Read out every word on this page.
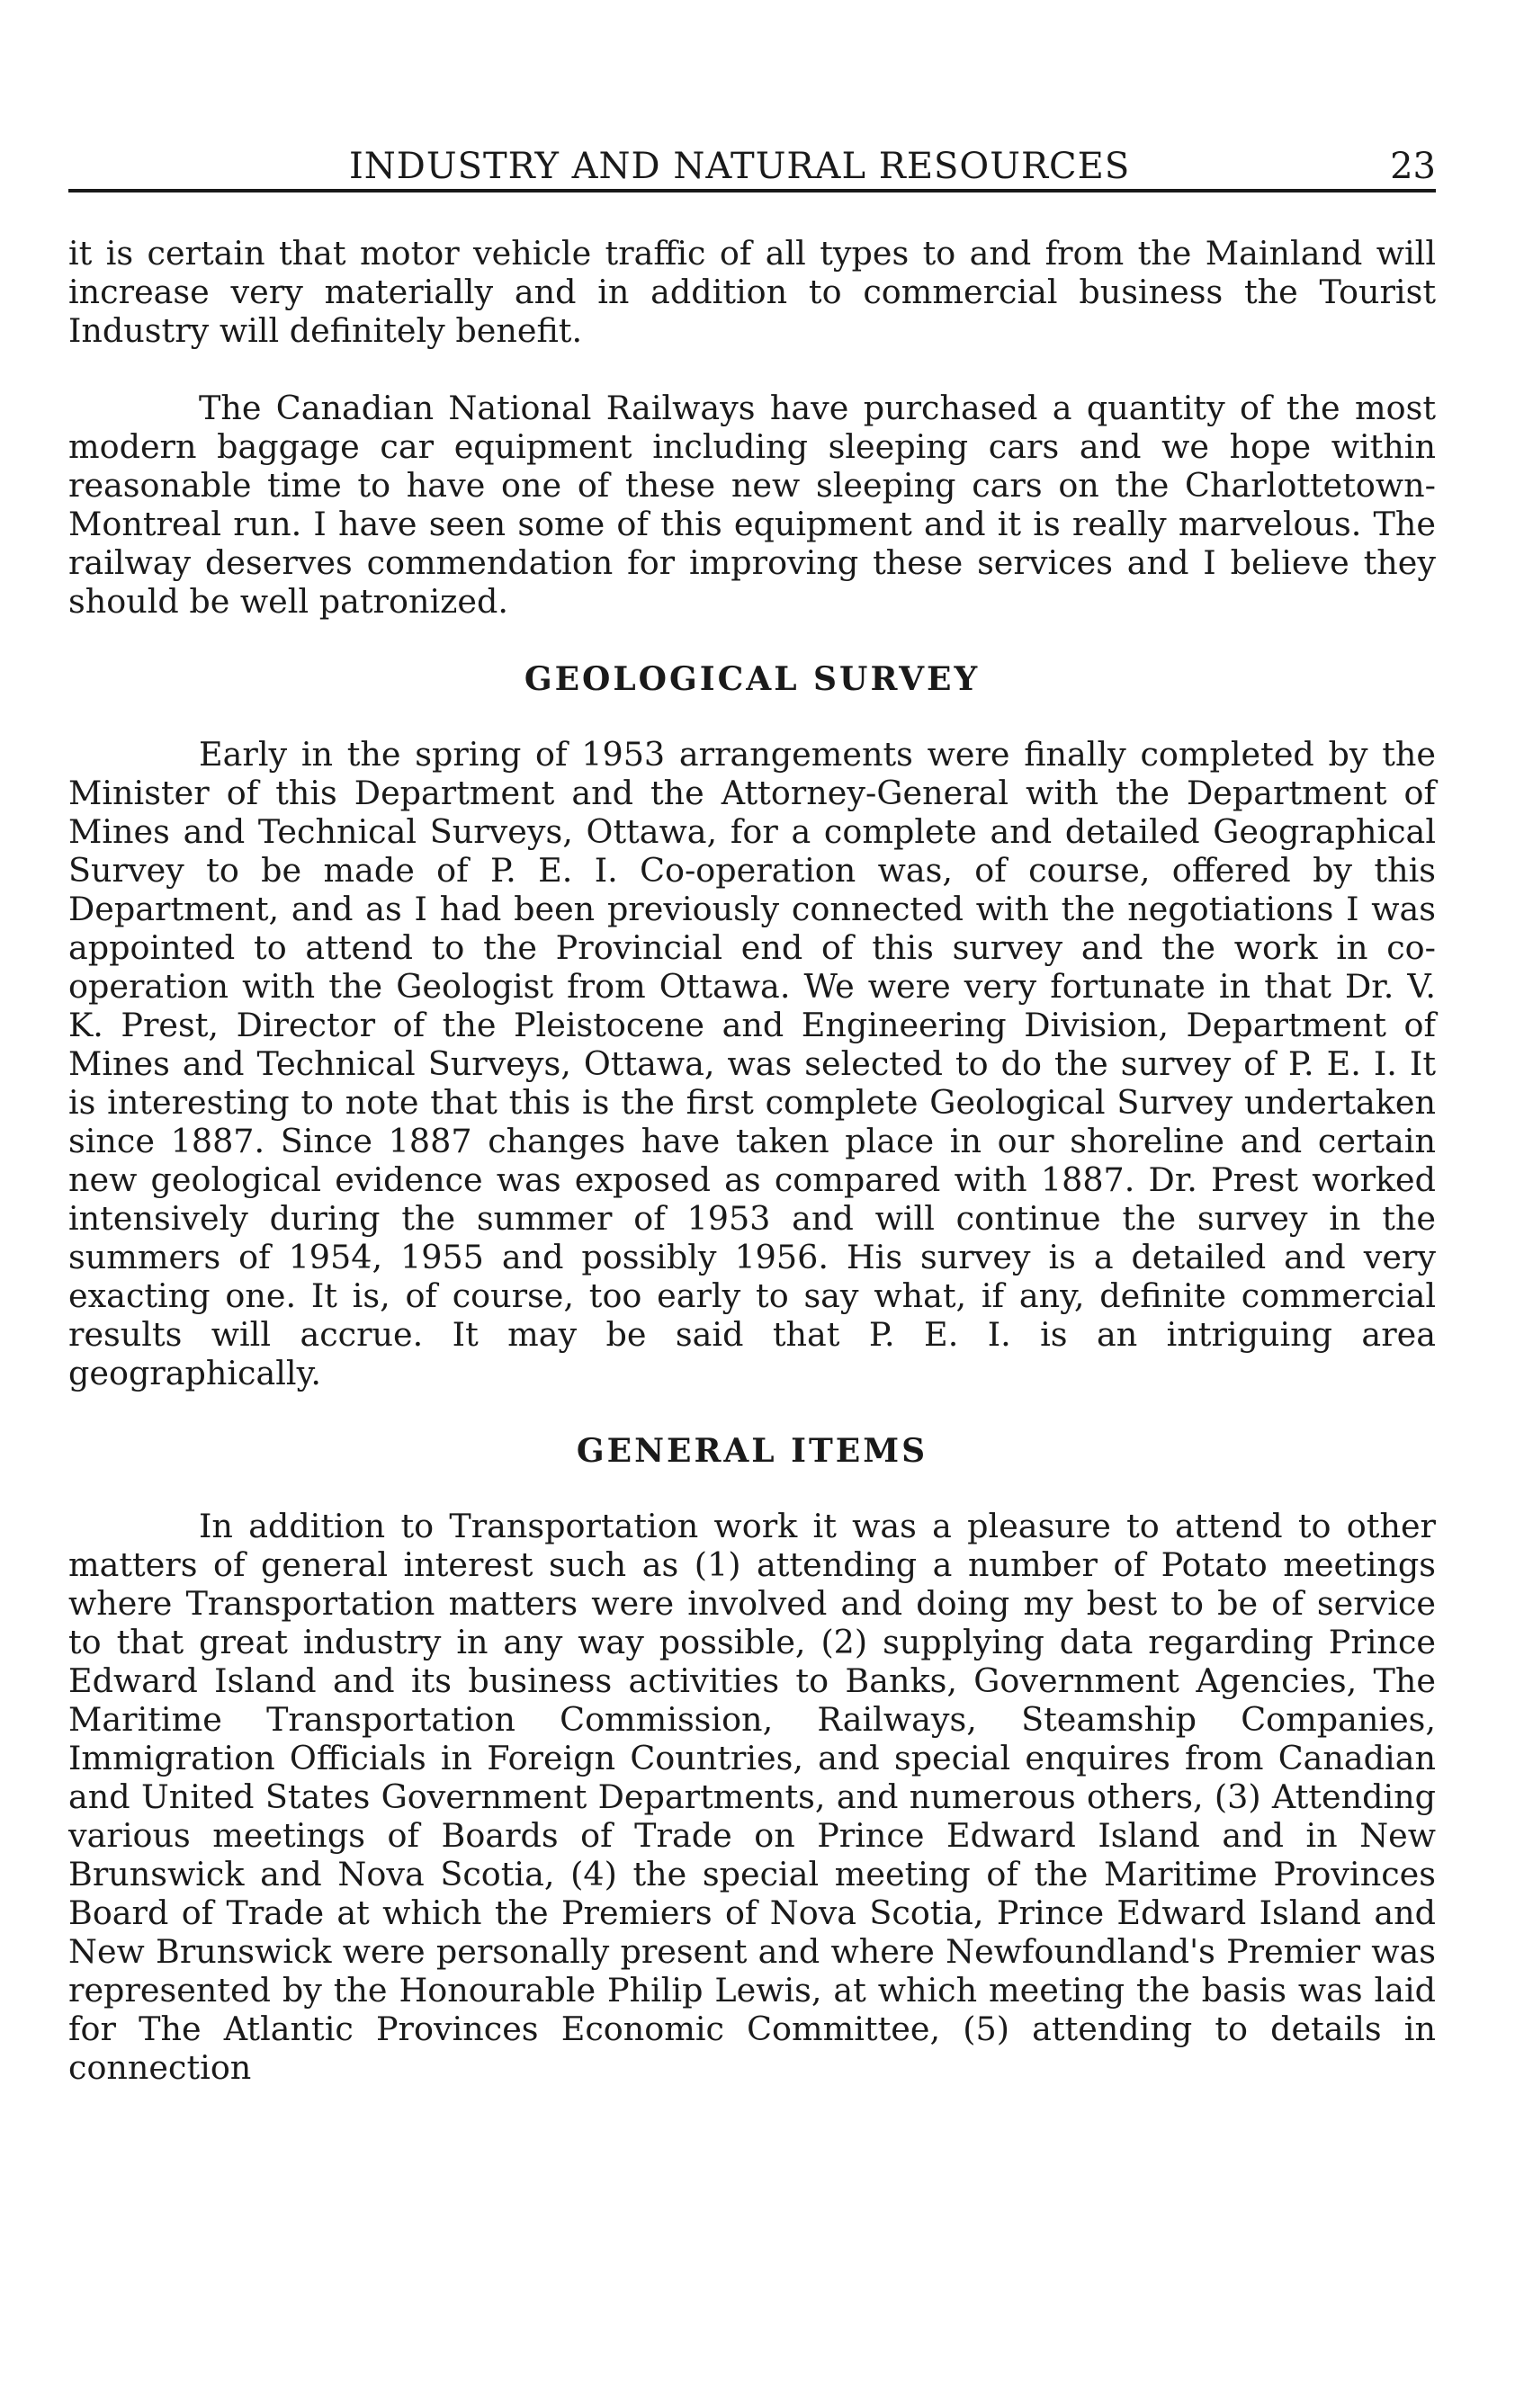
INDUSTRY AND NATURAL RESOURCES	23

it is certain that motor vehicle traffic of all types to and from the Mainland will increase very materially and in addition to commercial business the Tourist Industry will definitely benefit.

The Canadian National Railways have purchased a quantity of the most modern baggage car equipment including sleeping cars and we hope within reasonable time to have one of these new sleeping cars on the Charlottetown-Montreal run. I have seen some of this equipment and it is really marvelous. The railway deserves commendation for improving these services and I believe they should be well patronized.

GEOLOGICAL SURVEY

Early in the spring of 1953 arrangements were finally completed by the Minister of this Department and the Attorney-General with the Department of Mines and Technical Surveys, Ottawa, for a complete and detailed Geographical Survey to be made of P. E. I. Co-operation was, of course, offered by this Department, and as I had been previously connected with the negotiations I was appointed to attend to the Provincial end of this survey and the work in co-operation with the Geologist from Ottawa. We were very fortunate in that Dr. V. K. Prest, Director of the Pleistocene and Engineering Division, Department of Mines and Technical Surveys, Ottawa, was selected to do the survey of P. E. I. It is interesting to note that this is the first complete Geological Survey undertaken since 1887. Since 1887 changes have taken place in our shoreline and certain new geological evidence was exposed as compared with 1887. Dr. Prest worked intensively during the summer of 1953 and will continue the survey in the summers of 1954, 1955 and possibly 1956. His survey is a detailed and very exacting one. It is, of course, too early to say what, if any, definite commercial results will accrue. It may be said that P. E. I. is an intriguing area geographically.

GENERAL ITEMS

In addition to Transportation work it was a pleasure to attend to other matters of general interest such as (1) attending a number of Potato meetings where Transportation matters were involved and doing my best to be of service to that great industry in any way possible, (2) supplying data regarding Prince Edward Island and its business activities to Banks, Government Agencies, The Maritime Transportation Commission, Railways, Steamship Companies, Immigration Officials in Foreign Countries, and special enquires from Canadian and United States Government Departments, and numerous others, (3) Attending various meetings of Boards of Trade on Prince Edward Island and in New Brunswick and Nova Scotia, (4) the special meeting of the Maritime Provinces Board of Trade at which the Premiers of Nova Scotia, Prince Edward Island and New Brunswick were personally present and where Newfoundland's Premier was represented by the Honourable Philip Lewis, at which meeting the basis was laid for The Atlantic Provinces Economic Committee, (5) attending to details in connection
